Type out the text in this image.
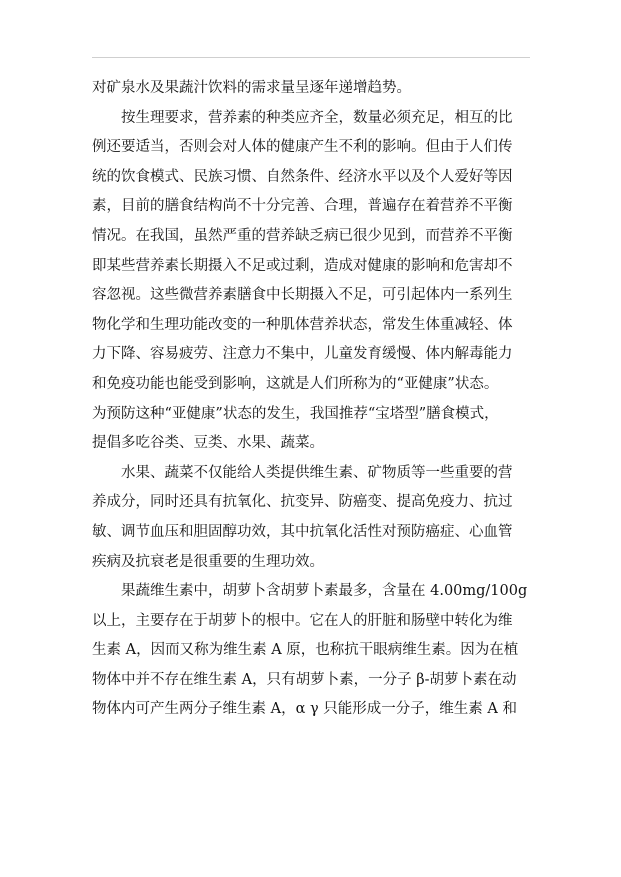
对矿泉水及果蔬汁饮料的需求量呈逐年递增趋势。
按生理要求，营养素的种类应齐全，数量必须充足，相互的比
例还要适当，否则会对人体的健康产生不利的影响。但由于人们传
统的饮食模式、民族习惯、自然条件、经济水平以及个人爱好等因
素，目前的膳食结构尚不十分完善、合理，普遍存在着营养不平衡
情况。在我国，虽然严重的营养缺乏病已很少见到，而营养不平衡
即某些营养素长期摄入不足或过剩，造成对健康的影响和危害却不
容忽视。这些微营养素膳食中长期摄入不足，可引起体内一系列生
物化学和生理功能改变的一种肌体营养状态，常发生体重减轻、体
力下降、容易疲劳、注意力不集中，儿童发育缓慢、体内解毒能力
和免疫功能也能受到影响，这就是人们所称为的“亚健康”状态。
为预防这种“亚健康”状态的发生，我国推荐“宝塔型”膳食模式，
提倡多吃谷类、豆类、水果、蔬菜。
水果、蔬菜不仅能给人类提供维生素、矿物质等一些重要的营
养成分，同时还具有抗氧化、抗变异、防癌变、提高免疫力、抗过
敏、调节血压和胆固醇功效，其中抗氧化活性对预防癌症、心血管
疾病及抗衰老是很重要的生理功效。
果蔬维生素中，胡萝卜含胡萝卜素最多，含量在 4.00mg/100g
以上，主要存在于胡萝卜的根中。它在人的肝脏和肠壁中转化为维
生素 A，因而又称为维生素 A 原，也称抗干眼病维生素。因为在植
物体中并不存在维生素 A，只有胡萝卜素，一分子 β-胡萝卜素在动
物体内可产生两分子维生素 A，α γ 只能形成一分子，维生素 A 和
